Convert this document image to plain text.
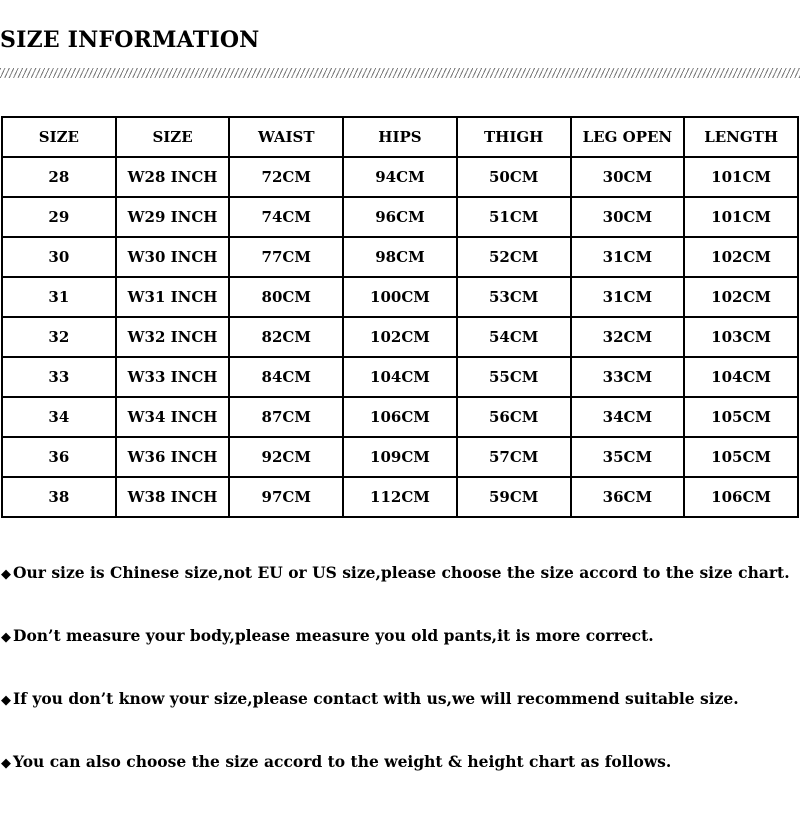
SIZE INFORMATION
SIZE	SIZE	WAIST	HIPS	THIGH	LEG OPEN	LENGTH
28	W28 INCH	72CM	94CM	50CM	30CM	101CM
29	W29 INCH	74CM	96CM	51CM	30CM	101CM
30	W30 INCH	77CM	98CM	52CM	31CM	102CM
31	W31 INCH	80CM	100CM	53CM	31CM	102CM
32	W32 INCH	82CM	102CM	54CM	32CM	103CM
33	W33 INCH	84CM	104CM	55CM	33CM	104CM
34	W34 INCH	87CM	106CM	56CM	34CM	105CM
36	W36 INCH	92CM	109CM	57CM	35CM	105CM
38	W38 INCH	97CM	112CM	59CM	36CM	106CM
◆ Our size is Chinese size,not EU or US size,please choose the size accord to the size chart.
◆ Don’t measure your body,please measure you old pants,it is more correct.
◆ If you don’t know your size,please contact with us,we will recommend suitable size.
◆ You can also choose the size accord to the weight & height chart as follows.
